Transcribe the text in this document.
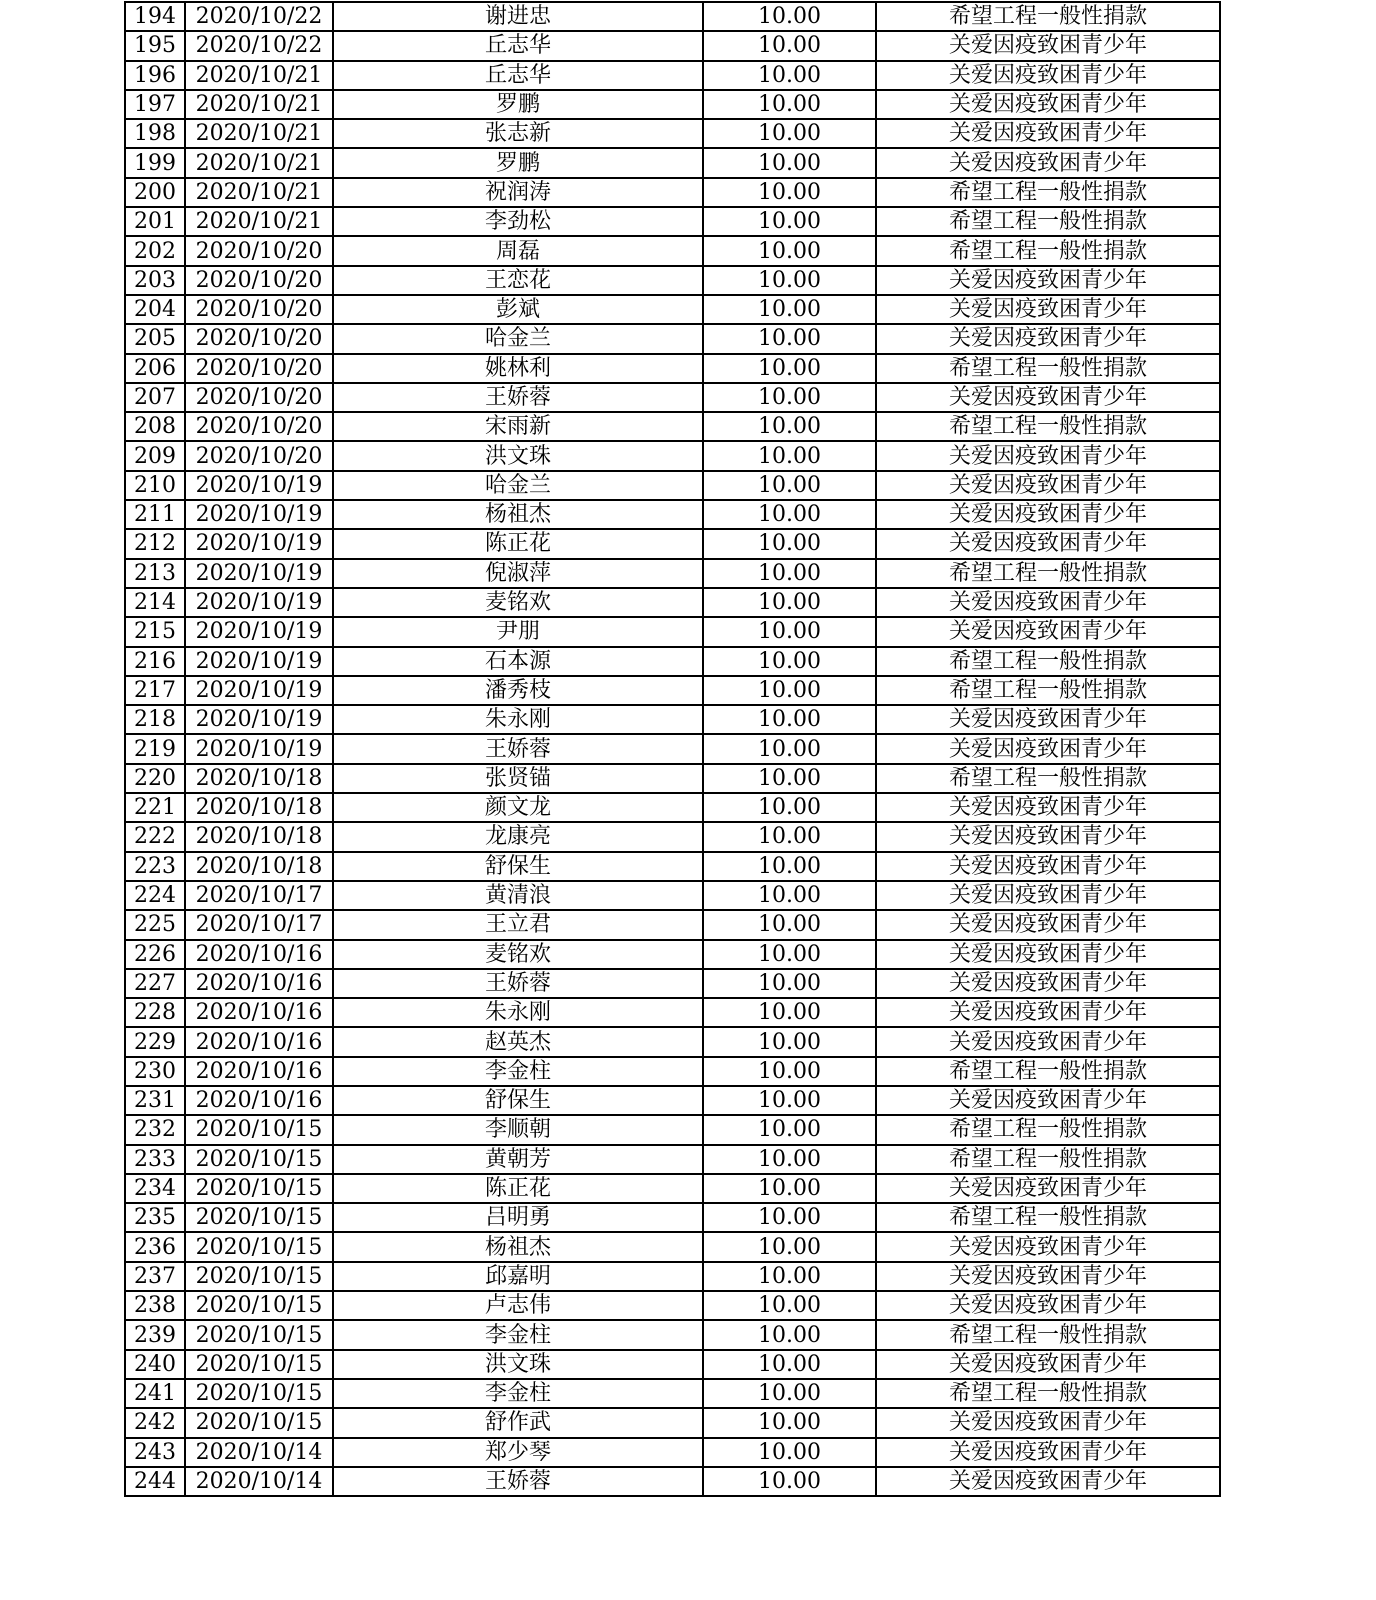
194	2020/10/22	谢进忠	10.00	希望工程一般性捐款
195	2020/10/22	丘志华	10.00	关爱因疫致困青少年
196	2020/10/21	丘志华	10.00	关爱因疫致困青少年
197	2020/10/21	罗鹏	10.00	关爱因疫致困青少年
198	2020/10/21	张志新	10.00	关爱因疫致困青少年
199	2020/10/21	罗鹏	10.00	关爱因疫致困青少年
200	2020/10/21	祝润涛	10.00	希望工程一般性捐款
201	2020/10/21	李劲松	10.00	希望工程一般性捐款
202	2020/10/20	周磊	10.00	希望工程一般性捐款
203	2020/10/20	王恋花	10.00	关爱因疫致困青少年
204	2020/10/20	彭斌	10.00	关爱因疫致困青少年
205	2020/10/20	哈金兰	10.00	关爱因疫致困青少年
206	2020/10/20	姚林利	10.00	希望工程一般性捐款
207	2020/10/20	王娇蓉	10.00	关爱因疫致困青少年
208	2020/10/20	宋雨新	10.00	希望工程一般性捐款
209	2020/10/20	洪文珠	10.00	关爱因疫致困青少年
210	2020/10/19	哈金兰	10.00	关爱因疫致困青少年
211	2020/10/19	杨祖杰	10.00	关爱因疫致困青少年
212	2020/10/19	陈正花	10.00	关爱因疫致困青少年
213	2020/10/19	倪淑萍	10.00	希望工程一般性捐款
214	2020/10/19	麦铭欢	10.00	关爱因疫致困青少年
215	2020/10/19	尹朋	10.00	关爱因疫致困青少年
216	2020/10/19	石本源	10.00	希望工程一般性捐款
217	2020/10/19	潘秀枝	10.00	希望工程一般性捐款
218	2020/10/19	朱永刚	10.00	关爱因疫致困青少年
219	2020/10/19	王娇蓉	10.00	关爱因疫致困青少年
220	2020/10/18	张贤锚	10.00	希望工程一般性捐款
221	2020/10/18	颜文龙	10.00	关爱因疫致困青少年
222	2020/10/18	龙康亮	10.00	关爱因疫致困青少年
223	2020/10/18	舒保生	10.00	关爱因疫致困青少年
224	2020/10/17	黄清浪	10.00	关爱因疫致困青少年
225	2020/10/17	王立君	10.00	关爱因疫致困青少年
226	2020/10/16	麦铭欢	10.00	关爱因疫致困青少年
227	2020/10/16	王娇蓉	10.00	关爱因疫致困青少年
228	2020/10/16	朱永刚	10.00	关爱因疫致困青少年
229	2020/10/16	赵英杰	10.00	关爱因疫致困青少年
230	2020/10/16	李金柱	10.00	希望工程一般性捐款
231	2020/10/16	舒保生	10.00	关爱因疫致困青少年
232	2020/10/15	李顺朝	10.00	希望工程一般性捐款
233	2020/10/15	黄朝芳	10.00	希望工程一般性捐款
234	2020/10/15	陈正花	10.00	关爱因疫致困青少年
235	2020/10/15	吕明勇	10.00	希望工程一般性捐款
236	2020/10/15	杨祖杰	10.00	关爱因疫致困青少年
237	2020/10/15	邱嘉明	10.00	关爱因疫致困青少年
238	2020/10/15	卢志伟	10.00	关爱因疫致困青少年
239	2020/10/15	李金柱	10.00	希望工程一般性捐款
240	2020/10/15	洪文珠	10.00	关爱因疫致困青少年
241	2020/10/15	李金柱	10.00	希望工程一般性捐款
242	2020/10/15	舒作武	10.00	关爱因疫致困青少年
243	2020/10/14	郑少琴	10.00	关爱因疫致困青少年
244	2020/10/14	王娇蓉	10.00	关爱因疫致困青少年
